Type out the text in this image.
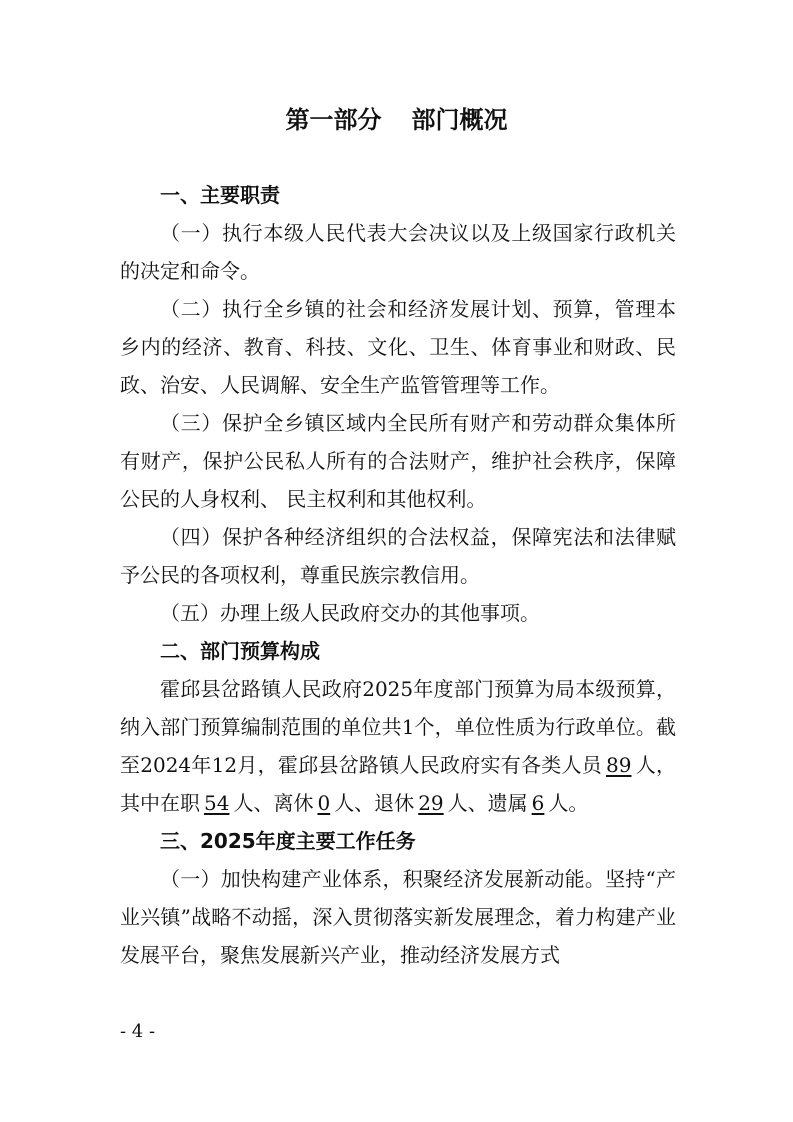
第一部分 部门概况

一、主要职责

（一）执行本级人民代表大会决议以及上级国家行政机关的决定和命令。

（二）执行全乡镇的社会和经济发展计划、预算，管理本乡内的经济、教育、科技、文化、卫生、体育事业和财政、民政、治安、人民调解、安全生产监管管理等工作。

（三）保护全乡镇区域内全民所有财产和劳动群众集体所有财产，保护公民私人所有的合法财产，维护社会秩序，保障公民的人身权利、 民主权利和其他权利。

（四）保护各种经济组织的合法权益，保障宪法和法律赋予公民的各项权利，尊重民族宗教信用。

（五）办理上级人民政府交办的其他事项。

二、部门预算构成

霍邱县岔路镇人民政府2025年度部门预算为局本级预算，纳入部门预算编制范围的单位共1个，单位性质为行政单位。截至2024年12月，霍邱县岔路镇人民政府实有各类人员 89 人，其中在职 54 人、离休 0 人、退休 29 人、遗属 6 人。

三、2025年度主要工作任务

（一）加快构建产业体系，积聚经济发展新动能。坚持“产业兴镇”战略不动摇，深入贯彻落实新发展理念，着力构建产业发展平台，聚焦发展新兴产业，推动经济发展方式

- 4 -
